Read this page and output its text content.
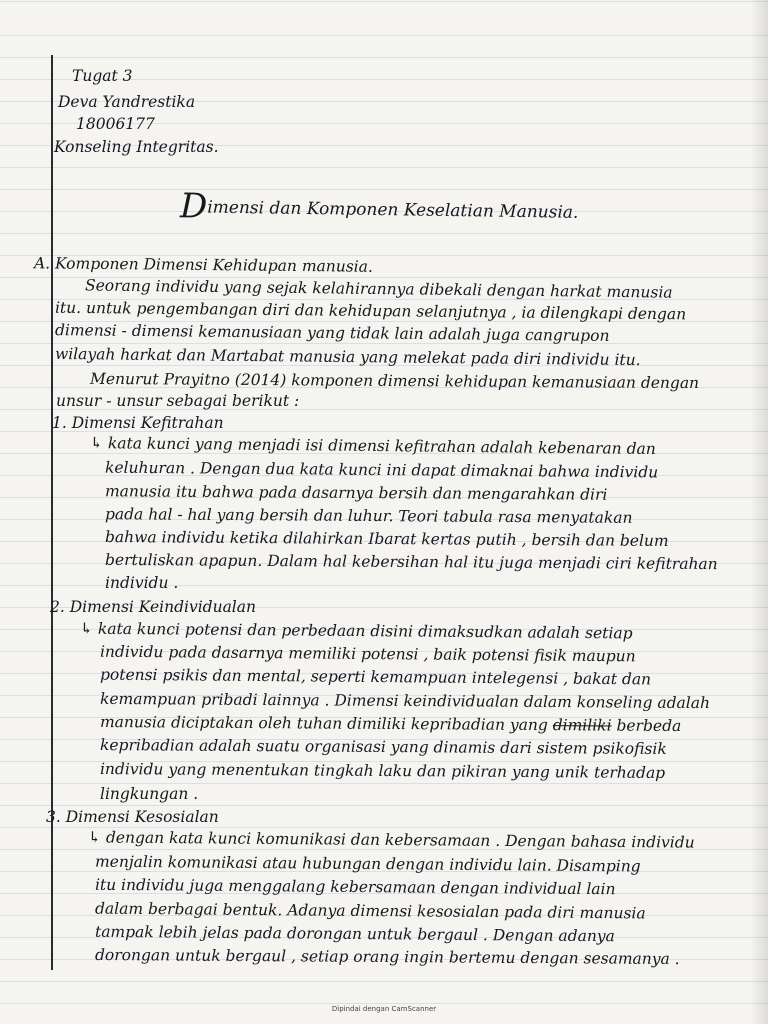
Tugat 3
Deva Yandrestika
18006177
Konseling Integritas.
Dimensi dan Komponen Keselatian Manusia.
A. Komponen Dimensi Kehidupan manusia.
Seorang individu yang sejak kelahirannya dibekali dengan harkat manusia
itu. untuk pengembangan diri dan kehidupan selanjutnya , ia dilengkapi dengan
dimensi - dimensi kemanusiaan yang tidak lain adalah juga cangrupon
wilayah harkat dan Martabat manusia yang melekat pada diri individu itu.
Menurut Prayitno (2014) komponen dimensi kehidupan kemanusiaan dengan
unsur - unsur sebagai berikut :
1. Dimensi Kefitrahan
↳ kata kunci yang menjadi isi dimensi kefitrahan adalah kebenaran dan
keluhuran . Dengan dua kata kunci ini dapat dimaknai bahwa individu
manusia itu bahwa pada dasarnya bersih dan mengarahkan diri
pada hal - hal yang bersih dan luhur. Teori tabula rasa menyatakan
bahwa individu ketika dilahirkan Ibarat kertas putih , bersih dan belum
bertuliskan apapun. Dalam hal kebersihan hal itu juga menjadi ciri kefitrahan
individu .
2. Dimensi Keindividualan
↳ kata kunci potensi dan perbedaan disini dimaksudkan adalah setiap
individu pada dasarnya memiliki potensi , baik potensi fisik maupun
potensi psikis dan mental, seperti kemampuan intelegensi , bakat dan
kemampuan pribadi lainnya . Dimensi keindividualan dalam konseling adalah
manusia diciptakan oleh tuhan dimiliki kepribadian yang dimiliki berbeda
kepribadian adalah suatu organisasi yang dinamis dari sistem psikofisik
individu yang menentukan tingkah laku dan pikiran yang unik terhadap
lingkungan .
3. Dimensi Kesosialan
↳ dengan kata kunci komunikasi dan kebersamaan . Dengan bahasa individu
menjalin komunikasi atau hubungan dengan individu lain. Disamping
itu individu juga menggalang kebersamaan dengan individual lain
dalam berbagai bentuk. Adanya dimensi kesosialan pada diri manusia
tampak lebih jelas pada dorongan untuk bergaul . Dengan adanya
dorongan untuk bergaul , setiap orang ingin bertemu dengan sesamanya .
Dipindai dengan CamScanner
